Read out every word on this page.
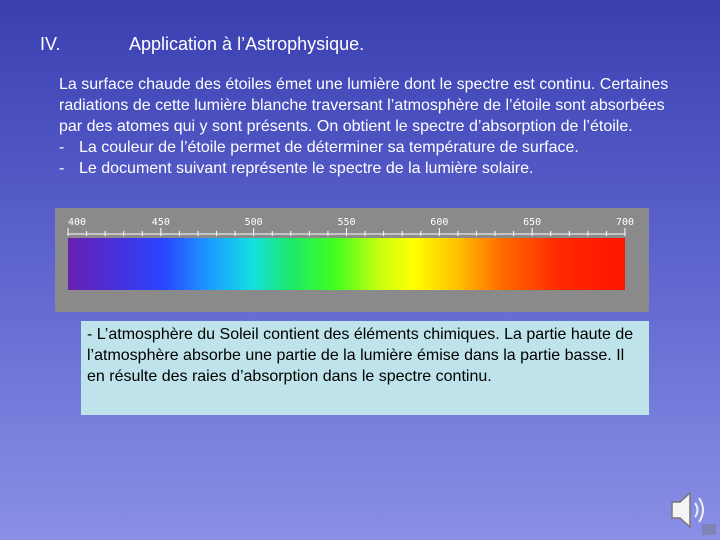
IV.	Application à l’Astrophysique.

La surface chaude des étoiles émet une lumière dont le spectre est continu. Certaines radiations de cette lumière blanche traversant l’atmosphère de l’étoile sont absorbées par des atomes qui y sont présents. On obtient le spectre d’absorption de l’étoile.

- La couleur de l’étoile permet de déterminer sa température de surface.
- Le document suivant représente le spectre de la lumière solaire.
400	450	500	550	600	650	700
- L’atmosphère du Soleil contient des éléments chimiques. La partie haute de l’atmosphère absorbe une partie de la lumière émise dans la partie basse. Il en résulte des raies d’absorption dans le spectre continu.
